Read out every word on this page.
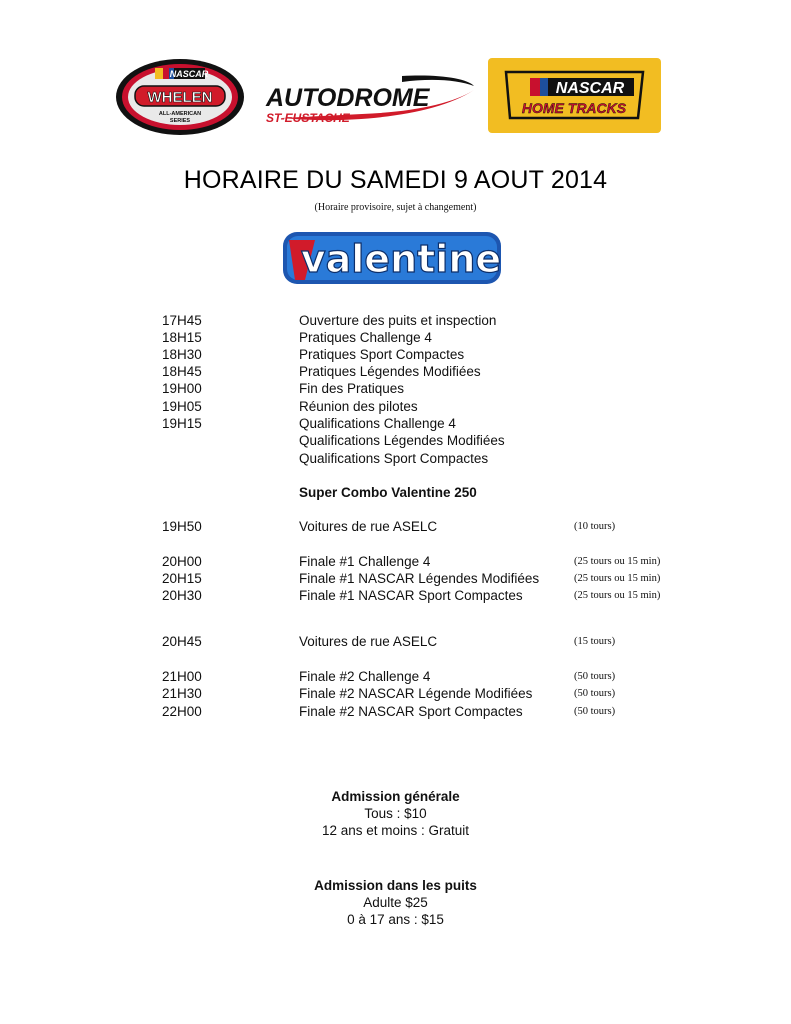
NASCAR
WHELEN
ALL-AMERICAN
SERIES
AUTODROME
ST-EUSTACHE
NASCAR
HOME TRACKS
HORAIRE DU SAMEDI 9 AOUT 2014
(Horaire provisoire, sujet à changement)
valentine
17H45	Ouverture des puits et inspection
18H15	Pratiques Challenge 4
18H30	Pratiques Sport Compactes
18H45	Pratiques Légendes Modifiées
19H00	Fin des Pratiques
19H05	Réunion des pilotes
19H15	Qualifications Challenge 4
Qualifications Légendes Modifiées
Qualifications Sport Compactes
Super Combo Valentine 250
19H50	Voitures de rue ASELC	(10 tours)
20H00	Finale #1 Challenge 4	(25 tours ou 15 min)
20H15	Finale #1 NASCAR Légendes Modifiées	(25 tours ou 15 min)
20H30	Finale #1 NASCAR Sport Compactes	(25 tours ou 15 min)
20H45	Voitures de rue ASELC	(15 tours)
21H00	Finale #2 Challenge 4	(50 tours)
21H30	Finale #2 NASCAR Légende Modifiées	(50 tours)
22H00	Finale #2 NASCAR Sport Compactes	(50 tours)
Admission générale
Tous : $10
12 ans et moins : Gratuit
Admission dans les puits
Adulte $25
0 à 17 ans : $15
